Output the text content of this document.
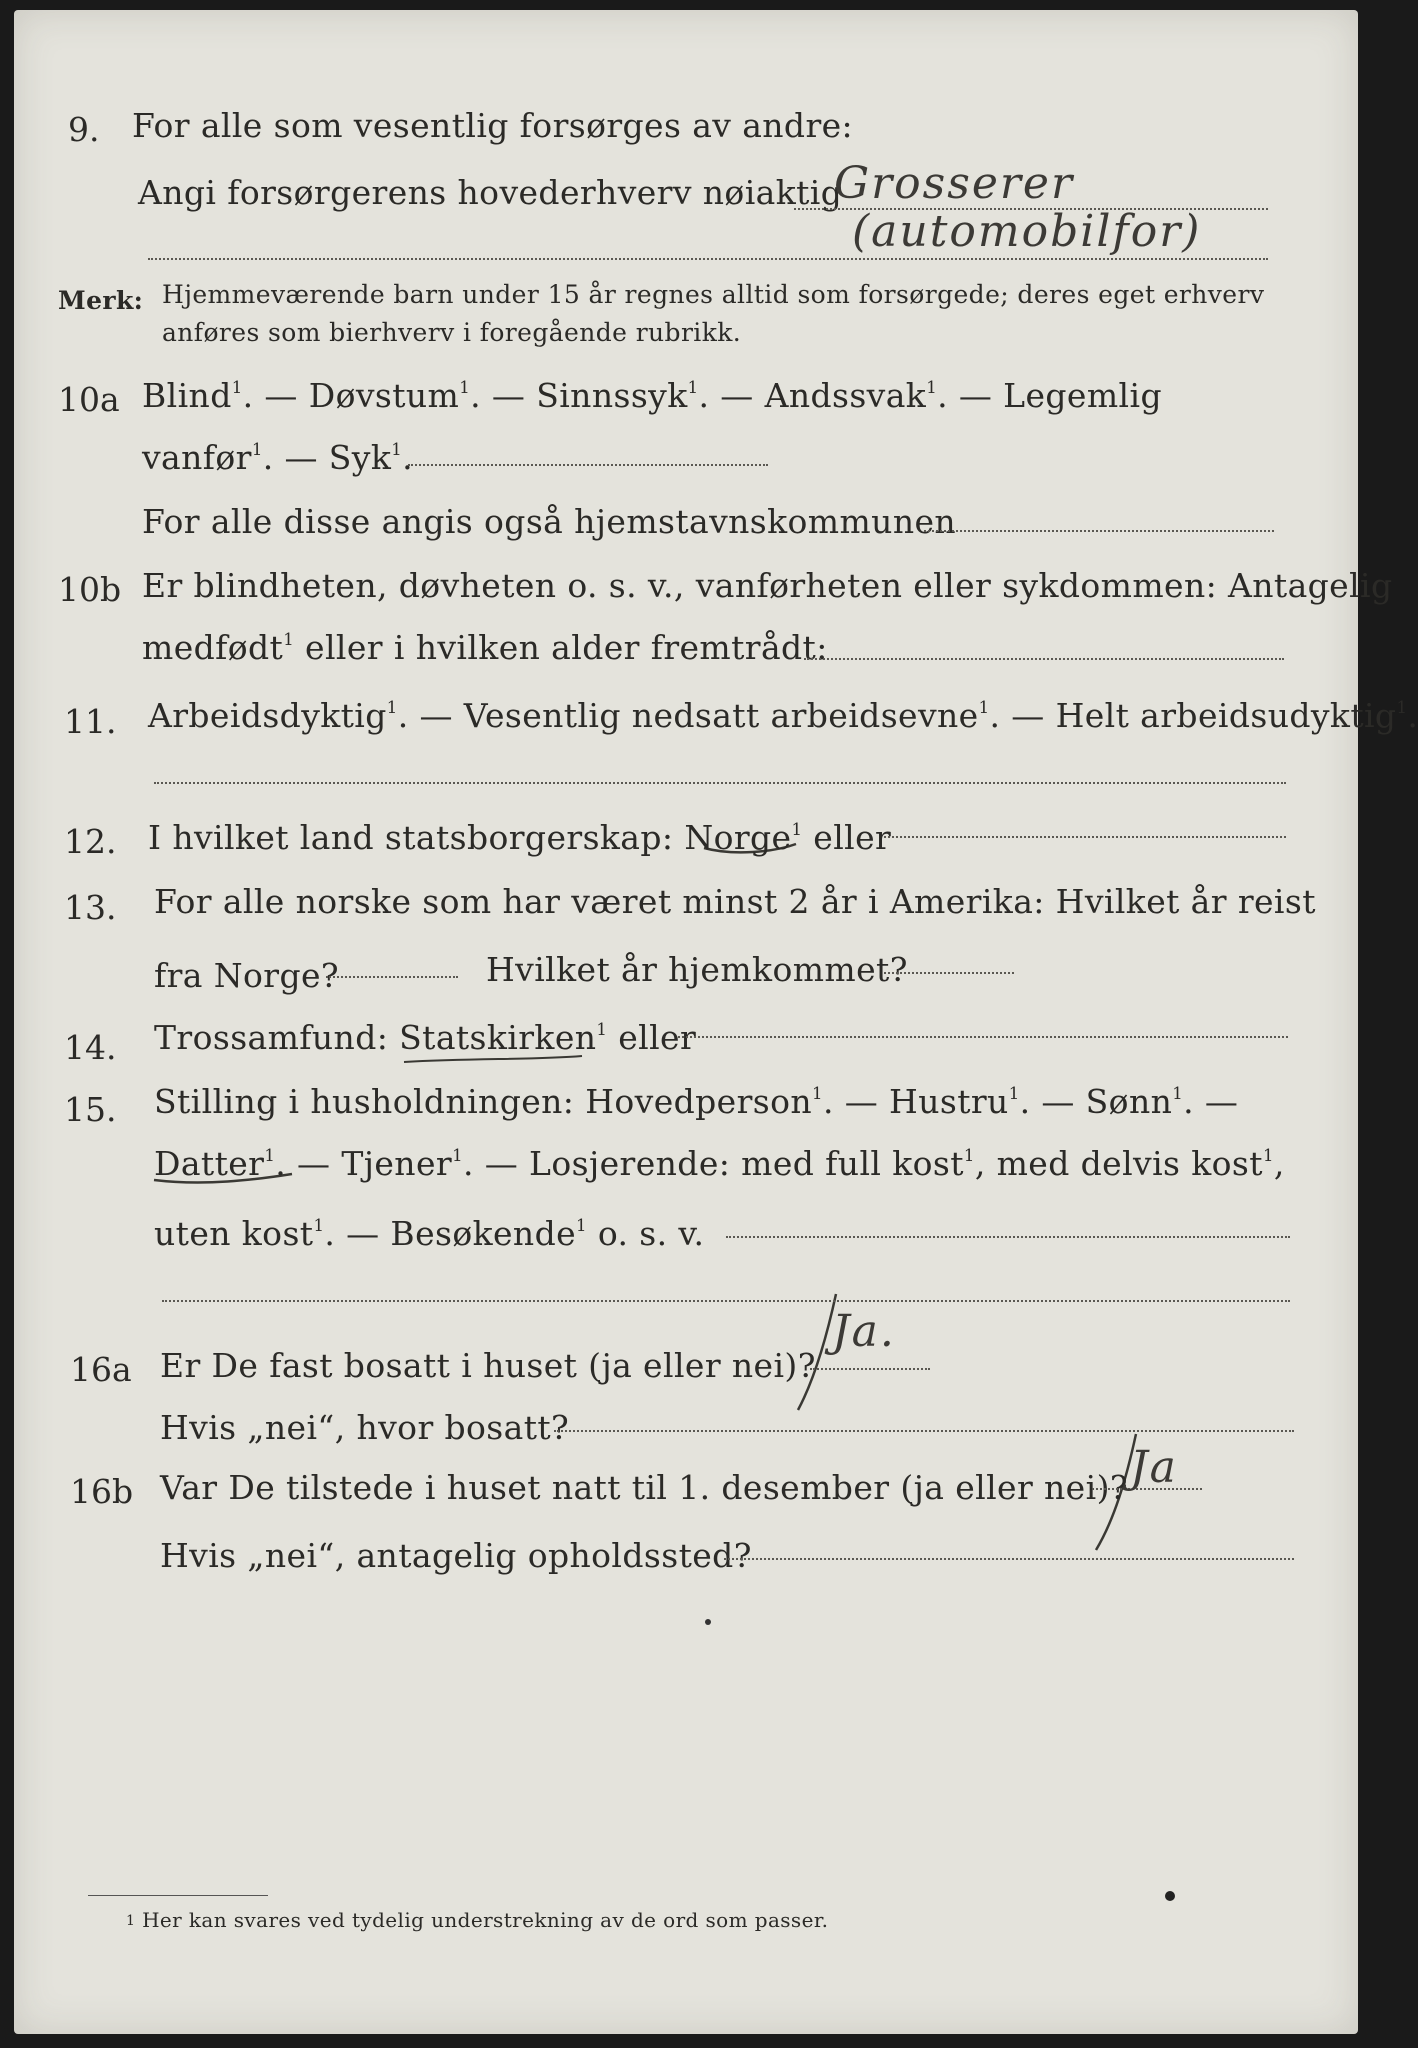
9. For alle som vesentlig forsørges av andre:
Angi forsørgerens hovederhverv nøiaktig
Grosserer
(automobilfor)
Merk: Hjemmeværende barn under 15 år regnes alltid som forsørgede; deres eget erhverv
anføres som bierhverv i foregående rubrikk.
10a Blind$^1$. — Døvstum$^1$. — Sinnssyk$^1$. — Andssvak$^1$. — Legemlig
vanfør$^1$. — Syk$^1$.
For alle disse angis også hjemstavnskommunen
10b Er blindheten, døvheten o. s. v., vanførheten eller sykdommen: Antagelig
medfødt$^1$ eller i hvilken alder fremtrådt:
11. Arbeidsdyktig$^1$. — Vesentlig nedsatt arbeidsevne$^1$. — Helt arbeidsudyktig$^1$.
12. I hvilket land statsborgerskap: Norge$^1$ eller
13. For alle norske som har været minst 2 år i Amerika: Hvilket år reist
fra Norge?	Hvilket år hjemkommet?
14. Trossamfund: Statskirken$^1$ eller
15. Stilling i husholdningen: Hovedperson$^1$. — Hustru$^1$. — Sønn$^1$. —
Datter$^1$. — Tjener$^1$. — Losjerende: med full kost$^1$, med delvis kost$^1$,
uten kost$^1$. — Besøkende$^1$ o. s. v.
16a Er De fast bosatt i huset (ja eller nei)?
Ja.
Hvis „nei“, hvor bosatt?
16b Var De tilstede i huset natt til 1. desember (ja eller nei)? Ja
Hvis „nei“, antagelig opholdssted?
1 Her kan svares ved tydelig understrekning av de ord som passer.
